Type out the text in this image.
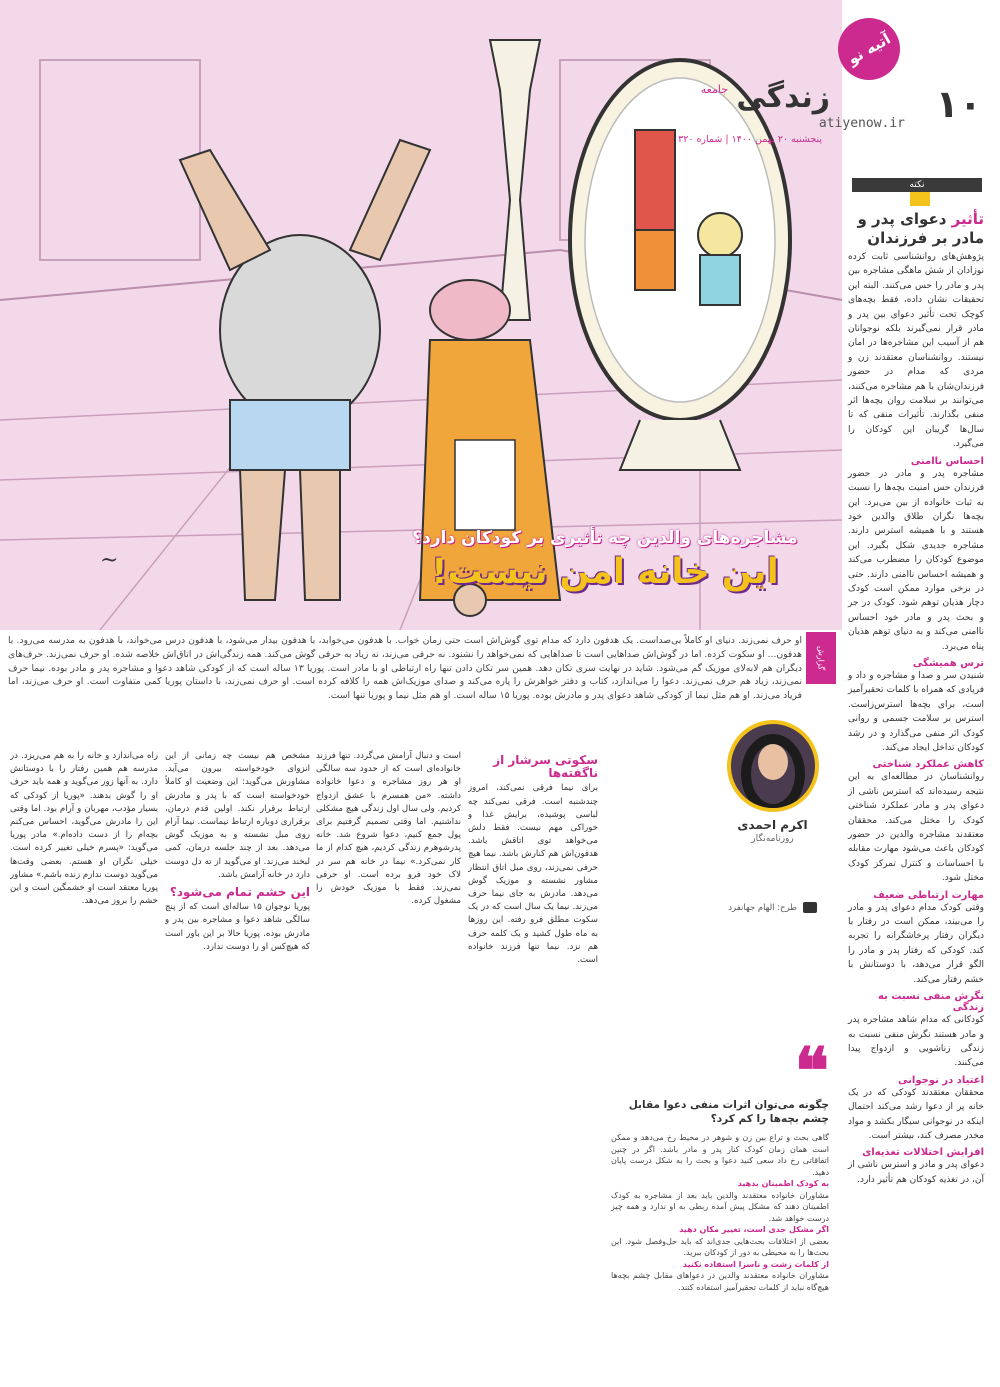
~

مشاجره‌های والدین چه تأثیری بر کودکان دارد؟

این خانه امن نیست!

آتیه نو
۱۰
atiyenow.ir
زندگی
جامعه
پنجشنبه ۲۰ بهمن ۱۴۰۰ | شماره ۳۲۰
نکته
تأثیر دعوای پدر و مادر بر فرزندان

پژوهش‌های روانشناسی ثابت کرده نوزادان از شش ماهگی مشاجره بین پدر و مادر را حس می‌کنند. البته این تحقیقات نشان داده، فقط بچه‌های کوچک تحت تأثیر دعوای بین پدر و مادر قرار نمی‌گیرند بلکه نوجوانان هم از آسیب این مشاجره‌ها در امان نیستند. روانشناسان معتقدند زن و مردی که مدام در حضور فرزندان‌شان با هم مشاجره می‌کنند، می‌توانند بر سلامت روان بچه‌ها اثر منفی بگذارند. تأثیرات منفی که تا سال‌ها گریبان این کودکان را می‌گیرد.

احساس ناامنی

مشاجره پدر و مادر در حضور فرزندان حس امنیت بچه‌ها را نسبت به ثبات خانواده از بین می‌برد. این بچه‌ها نگران طلاق والدین خود هستند و با همیشه استرس دارند. مشاجره جدیدی شکل بگیرد. این موضوع کودکان را مضطرب می‌کند و همیشه احساس ناامنی دارند. حتی در برخی موارد ممکن است کودک دچار هذیان توهم شود. کودک در جر و بحث پدر و مادر خود احساس ناامنی می‌کند و به دنیای توهم هذیان پناه می‌برد.

ترس همیشگی

شنیدن سر و صدا و مشاجره و داد و فریادی که همراه با کلمات تحقیرآمیز است، برای بچه‌ها استرس‌زاست. استرس بر سلامت جسمی و روانی کودک اثر منفی می‌گذارد و در رشد کودکان تداخل ایجاد می‌کند.

کاهش عملکرد شناختی

روانشناسان در مطالعه‌ای به این نتیجه رسیده‌اند که استرس ناشی از دعوای پدر و مادر عملکرد شناختی کودک را مختل می‌کند. محققان معتقدند مشاجره والدین در حضور کودکان باعث می‌شود مهارت مقابله با احساسات و کنترل تمرکز کودک مختل شود.

مهارت ارتباطی ضعیف

وقتی کودک مدام دعوای پدر و مادر را می‌بیند، ممکن است در رفتار با دیگران رفتار پرخاشگرانه را تجربه کند. کودکی که رفتار پدر و مادر را الگو قرار می‌دهد، با دوستانش با خشم رفتار می‌کند.

نگرش منفی نسبت به زندگی

کودکانی که مدام شاهد مشاجره پدر و مادر هستند نگرش منفی نسبت به زندگی زناشویی و ازدواج پیدا می‌کنند.

اعتیاد در نوجوانی

محققان معتقدند کودکی که در یک خانه پر از دعوا رشد می‌کند احتمال اینکه در نوجوانی سیگار بکشد و مواد مخدر مصرف کند، بیشتر است.

افزایش اختلالات تغذیه‌ای

دعوای پدر و مادر و استرس ناشی از آن، در تغذیه کودکان هم تأثیر دارد.

گزارش
او حرف نمی‌زند. دنیای او کاملاً بی‌صداست. یک هدفون دارد که مدام توی گوش‌اش است حتی زمان خواب. با هدفون می‌خوابد، با هدفون بیدار می‌شود، با هدفون درس می‌خواند، با هدفون به مدرسه می‌رود. با هدفون... او سکوت کرده. اما در گوش‌اش صداهایی است تا صداهایی که نمی‌خواهد را نشنود. نه حرفی می‌زند، نه زیاد به حرفی گوش می‌کند. همه زندگی‌اش در اتاق‌اش خلاصه شده. او حرف نمی‌زند. حرف‌های دیگران هم لابه‌لای موزیک گم می‌شود. شاید در نهایت سری تکان دهد. همین سر تکان دادن تنها راه ارتباطی او با مادر است. پوریا ۱۳ ساله است که از کودکی شاهد دعوا و مشاجره پدر و مادر بوده. نیما حرف نمی‌زند، زیاد هم حرف نمی‌زند. دعوا را می‌اندازد، کتاب و دفتر خواهرش را پاره می‌کند و صدای موزیک‌اش همه را کلافه کرده است. او حرف نمی‌زند، با داستان پوریا کمی متفاوت است. او حرف می‌زند، اما فریاد می‌زند. او هم مثل نیما از کودکی شاهد دعوای پدر و مادرش بوده. پوریا ۱۵ ساله است. او هم مثل نیما و پوریا تنها است.
اکرم احمدی
روزنامه‌نگار
طرح: الهام جهانفرد
سکوتی سرشار از ناگفته‌ها
برای نیما فرقی نمی‌کند، امروز چندشنبه است. فرقی نمی‌کند چه لباسی پوشیده، برایش غذا و خوراکی مهم نیست. فقط دلش می‌خواهد توی اتاقش باشد. هدفون‌اش هم کنارش باشد. نیما هیچ حرفی نمی‌زند، روی مبل اتاق انتظار مشاور نشسته و موزیک گوش می‌دهد. مادرش به جای نیما حرف می‌زند. نیما یک سال است که در یک سکوت مطلق فرو رفته. این روزها به ماه طول کشید و یک کلمه حرف هم نزد. نیما تنها فرزند خانواده است.
است و دنبال آرامش می‌گردد. تنها فرزند خانواده‌ای است که از حدود سه سالگی او هر روز مشاجره و دعوا خانواده داشته. «من همسرم با عشق ازدواج کردیم. ولی سال اول زندگی هیچ مشکلی نداشتیم. اما وقتی تصمیم گرفتیم برای پول جمع کنیم، دعوا شروع شد. خانه پدرشوهرم زندگی کردیم، هیچ کدام از ما کار نمی‌کرد.» نیما در خانه هم سر در لاک خود فرو برده است. او حرفی نمی‌زند. فقط با موزیک خودش را مشغول کرده.
مشخص هم نیست چه زمانی از این انزوای خودخواسته بیرون می‌آید. مشاورش می‌گوید: این وضعیت او کاملاً خودخواسته است که با پدر و مادرش ارتباط برقرار نکند. اولین قدم درمان، برقراری دوباره ارتباط نیماست. نیما آرام روی مبل نشسته و به موزیک گوش می‌دهد. بعد از چند جلسه درمان، کمی لبخند می‌زند. او می‌گوید از ته دل دوست دارد در خانه آرامش باشد.
این خشم تمام می‌شود؟
پوریا نوجوان ۱۵ ساله‌ای است که از پنج سالگی شاهد دعوا و مشاجره بین پدر و مادرش بوده. پوریا حالا بر این باور است که هیچ‌کس او را دوست ندارد.
راه می‌اندازد و خانه را به هم می‌ریزد. در مدرسه هم همین رفتار را با دوستانش دارد. به آنها زور می‌گوید و همه باید حرف او را گوش بدهند. «پوریا از کودکی که بسیار مؤدب، مهربان و آرام بود. اما وقتی این را مادرش می‌گوید، احساس می‌کنم بچه‌ام را از دست داده‌ام.» مادر پوریا می‌گوید: «پسرم خیلی تغییر کرده است. خیلی نگران او هستم. بعضی وقت‌ها می‌گوید دوست ندارم زنده باشم.» مشاور پوریا معتقد است او خشمگین است و این خشم را بروز می‌دهد.
❝
چگونه می‌توان اثرات منفی دعوا مقابل چشم بچه‌ها را کم کرد؟
گاهی بحث و تراع بین زن و شوهر در محیط رخ می‌دهد و ممکن است همان زمان کودک کنار پدر و مادر باشد. اگر در چنین اتفاقاتی رخ داد سعی کنید دعوا و بحث را به شکل درست پایان دهید.
به کودک اطمینان بدهید
مشاوران خانواده معتقدند والدین باید بعد از مشاجره به کودک اطمینان دهند که مشکل پیش آمده ربطی به او ندارد و همه چیز درست خواهد شد.
اگر مشکل جدی است، تغییر مکان دهید
بعضی از اختلافات بحث‌هایی جدی‌اند که باید حل‌وفصل شود. این بحث‌ها را به محیطی به دور از کودکان ببرید.
از کلمات زشت و ناسزا استفاده نکنید
مشاوران خانواده معتقدند والدین در دعواهای مقابل چشم بچه‌ها هیچ‌گاه نباید از کلمات تحقیرآمیز استفاده کنند.
